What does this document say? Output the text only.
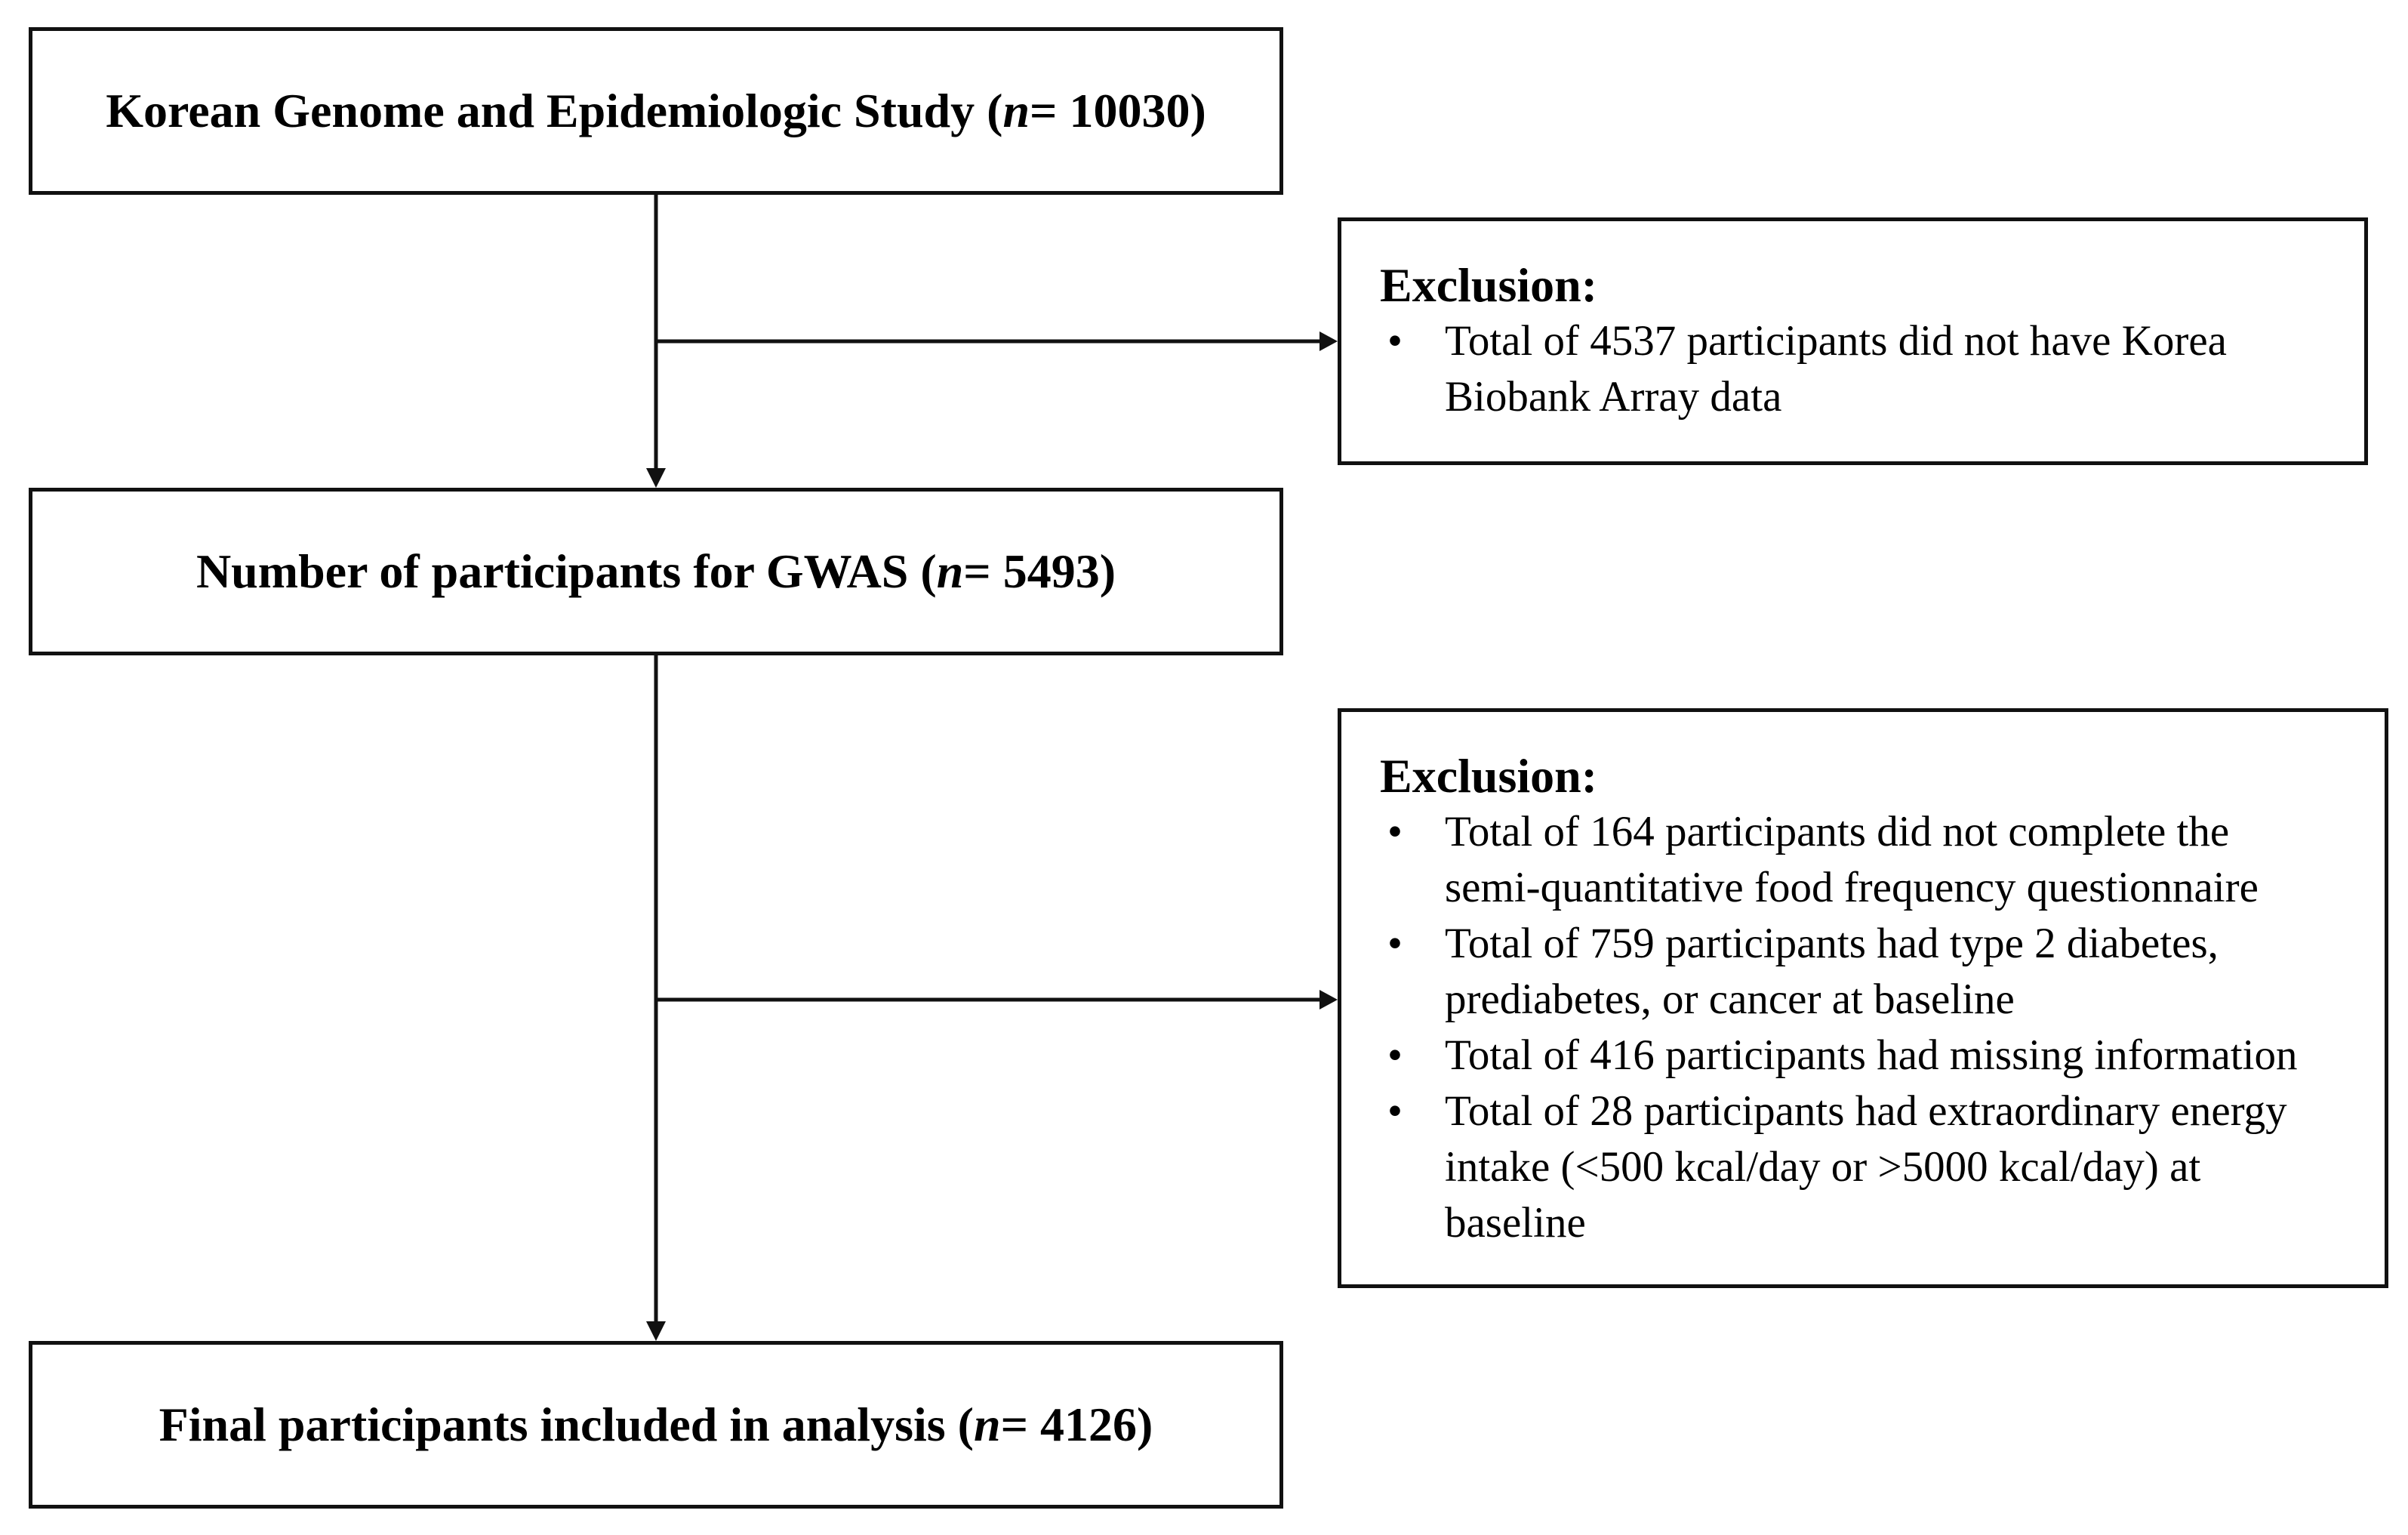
Korean Genome and Epidemiologic Study ( n = 10030)
Number of participants for GWAS ( n = 5493)
Final participants included in analysis ( n = 4126)
Exclusion:
• Total of 4537 participants did not have Korea
Biobank Array data
Exclusion:
• Total of 164 participants did not complete the
semi-quantitative food frequency questionnaire
• Total of 759 participants had type 2 diabetes,
prediabetes, or cancer at baseline
• Total of 416 participants had missing information
• Total of 28 participants had extraordinary energy
intake (<500 kcal/day or >5000 kcal/day) at
baseline
